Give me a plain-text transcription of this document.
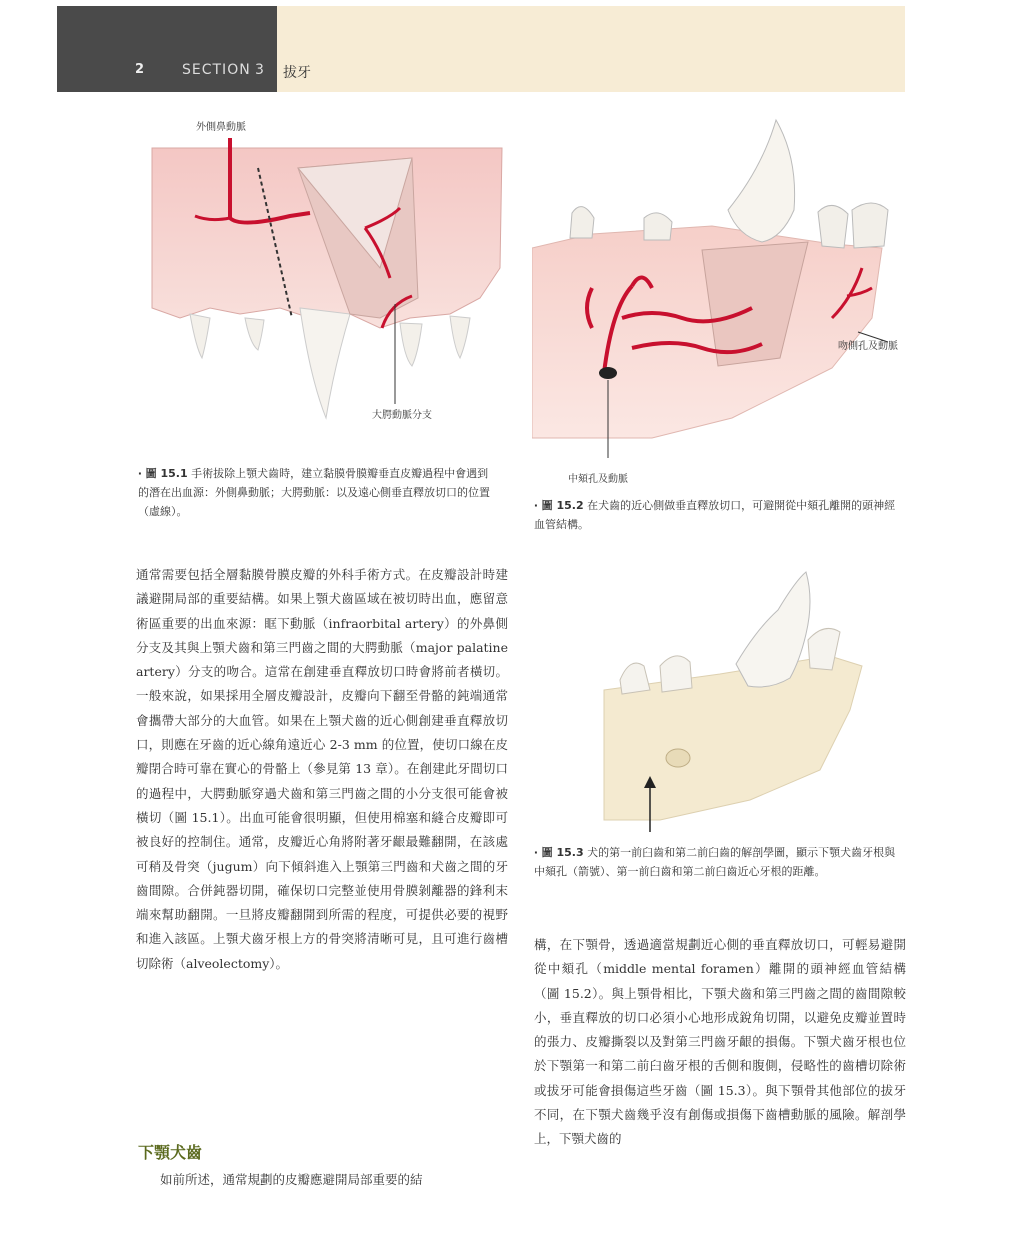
2	SECTION 3 拔牙
外側鼻動脈
大腭動脈分支
‧ 圖 15.1 手術拔除上顎犬齒時，建立黏膜骨膜瓣垂直皮瓣過程中會遇到的潛在出血源：外側鼻動脈；大腭動脈：以及遠心側垂直釋放切口的位置（虛線）。
吻側孔及動脈
中頦孔及動脈
‧ 圖 15.2 在犬齒的近心側做垂直釋放切口，可避開從中頦孔離開的頭神經血管結構。
‧ 圖 15.3 犬的第一前臼齒和第二前臼齒的解剖學圖，顯示下顎犬齒牙根與中頦孔（箭號）、第一前臼齒和第二前臼齒近心牙根的距離。

通常需要包括全層黏膜骨膜皮瓣的外科手術方式。在皮瓣設計時建議避開局部的重要結構。如果上顎犬齒區域在被切時出血，應留意術區重要的出血來源：眶下動脈（infraorbital artery）的外鼻側分支及其與上顎犬齒和第三門齒之間的大腭動脈（major palatine artery）分支的吻合。這常在創建垂直釋放切口時會將前者橫切。一般來說，如果採用全層皮瓣設計，皮瓣向下翻至骨骼的鈍端通常會攜帶大部分的大血管。如果在上顎犬齒的近心側創建垂直釋放切口，則應在牙齒的近心線角遠近心 2-3 mm 的位置，使切口線在皮瓣閉合時可靠在實心的骨骼上（參見第 13 章）。在創建此牙間切口的過程中，大腭動脈穿過犬齒和第三門齒之間的小分支很可能會被橫切（圖 15.1）。出血可能會很明顯，但使用棉塞和縫合皮瓣即可被良好的控制住。通常，皮瓣近心角將附著牙齦最難翻開，在該處可稍及骨突（jugum）向下傾斜進入上顎第三門齒和犬齒之間的牙齒間隙。合併鈍器切開，確保切口完整並使用骨膜剝離器的鋒利末端來幫助翻開。一旦將皮瓣翻開到所需的程度，可提供必要的視野和進入該區。上顎犬齒牙根上方的骨突將清晰可見，且可進行齒槽切除術（alveolectomy）。

下顎犬齒

如前所述，通常規劃的皮瓣應避開局部重要的結

構，在下顎骨，透過適當規劃近心側的垂直釋放切口，可輕易避開從中頦孔（middle mental foramen）離開的頭神經血管結構（圖 15.2）。與上顎骨相比，下顎犬齒和第三門齒之間的齒間隙較小，垂直釋放的切口必須小心地形成銳角切開，以避免皮瓣並置時的張力、皮瓣撕裂以及對第三門齒牙齦的損傷。下顎犬齒牙根也位於下顎第一和第二前臼齒牙根的舌側和腹側，侵略性的齒槽切除術或拔牙可能會損傷這些牙齒（圖 15.3）。與下顎骨其他部位的拔牙不同，在下顎犬齒幾乎沒有創傷或損傷下齒槽動脈的風險。解剖學上，下顎犬齒的
